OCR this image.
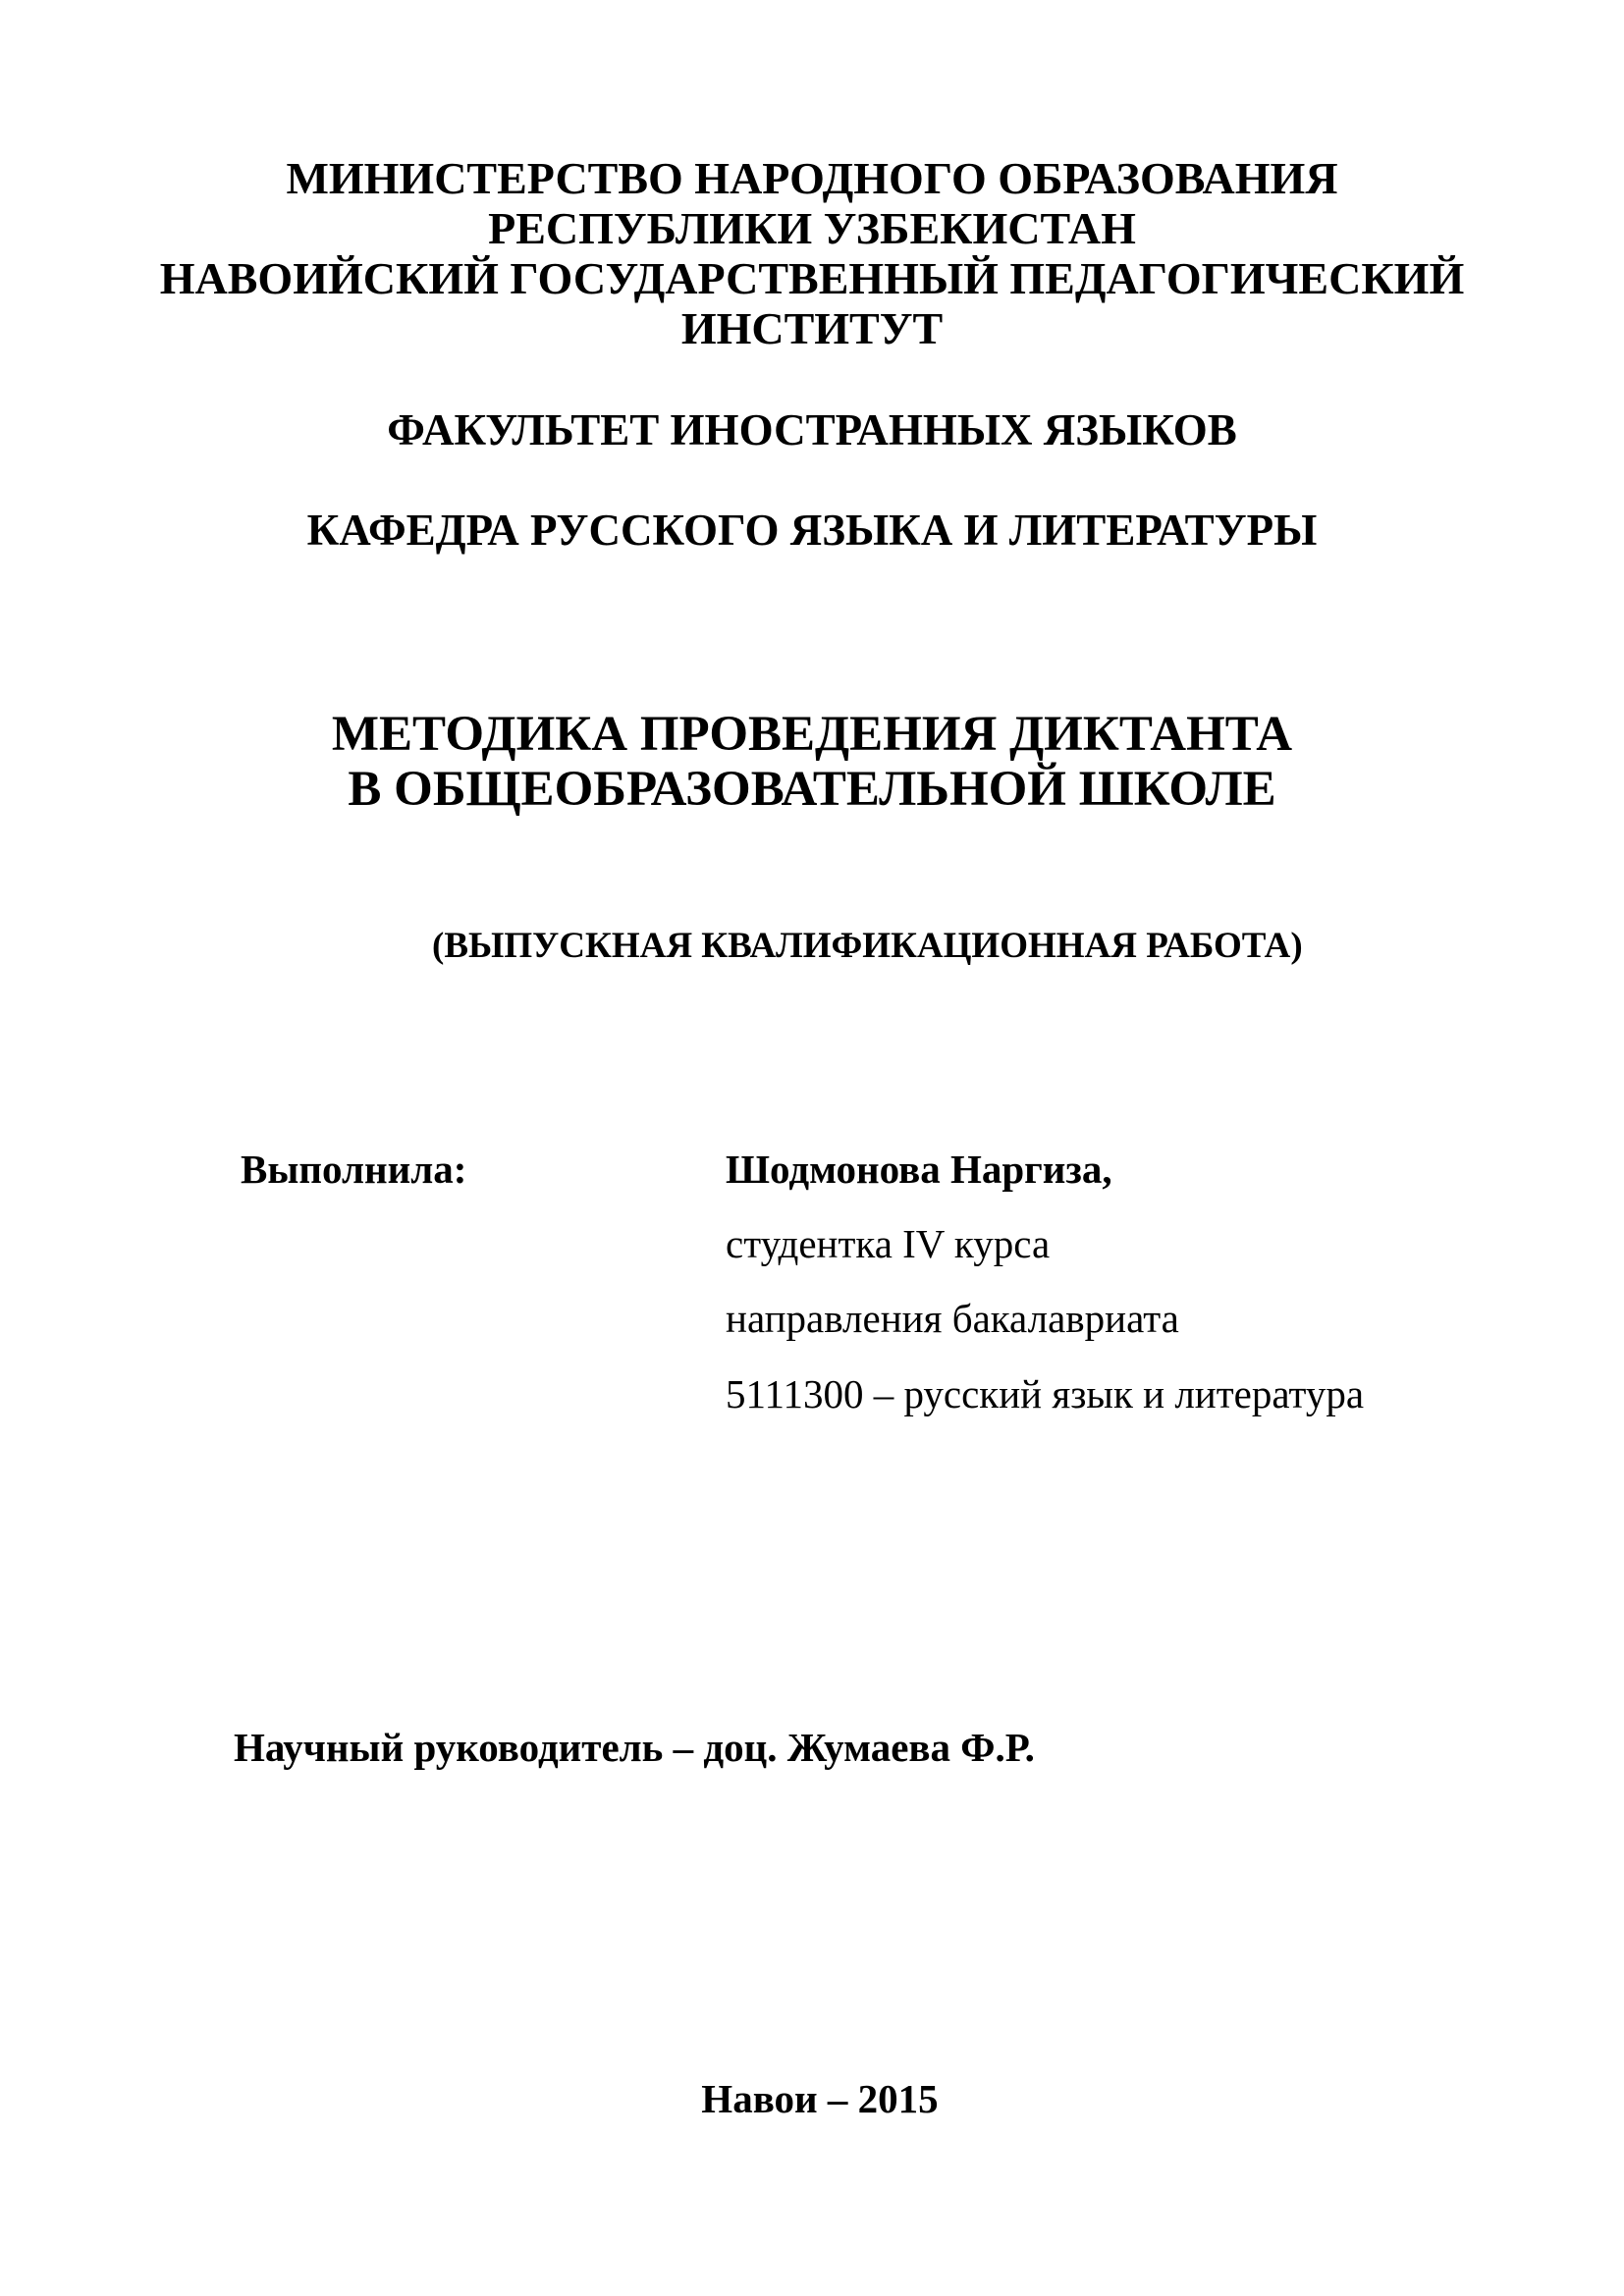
МИНИСТЕРСТВО НАРОДНОГО ОБРАЗОВАНИЯ
РЕСПУБЛИКИ УЗБЕКИСТАН
НАВОИЙСКИЙ ГОСУДАРСТВЕННЫЙ ПЕДАГОГИЧЕСКИЙ
ИНСТИТУТ
ФАКУЛЬТЕТ ИНОСТРАННЫХ ЯЗЫКОВ
КАФЕДРА РУССКОГО ЯЗЫКА И ЛИТЕРАТУРЫ
МЕТОДИКА ПРОВЕДЕНИЯ ДИКТАНТА
В ОБЩЕОБРАЗОВАТЕЛЬНОЙ ШКОЛЕ
(ВЫПУСКНАЯ КВАЛИФИКАЦИОННАЯ РАБОТА)
Выполнила:	Шодмонова Наргиза,
студентка IV курса
направления бакалавриата
5111300 – русский язык и литература
Научный руководитель – доц. Жумаева Ф.Р.
Навои – 2015
